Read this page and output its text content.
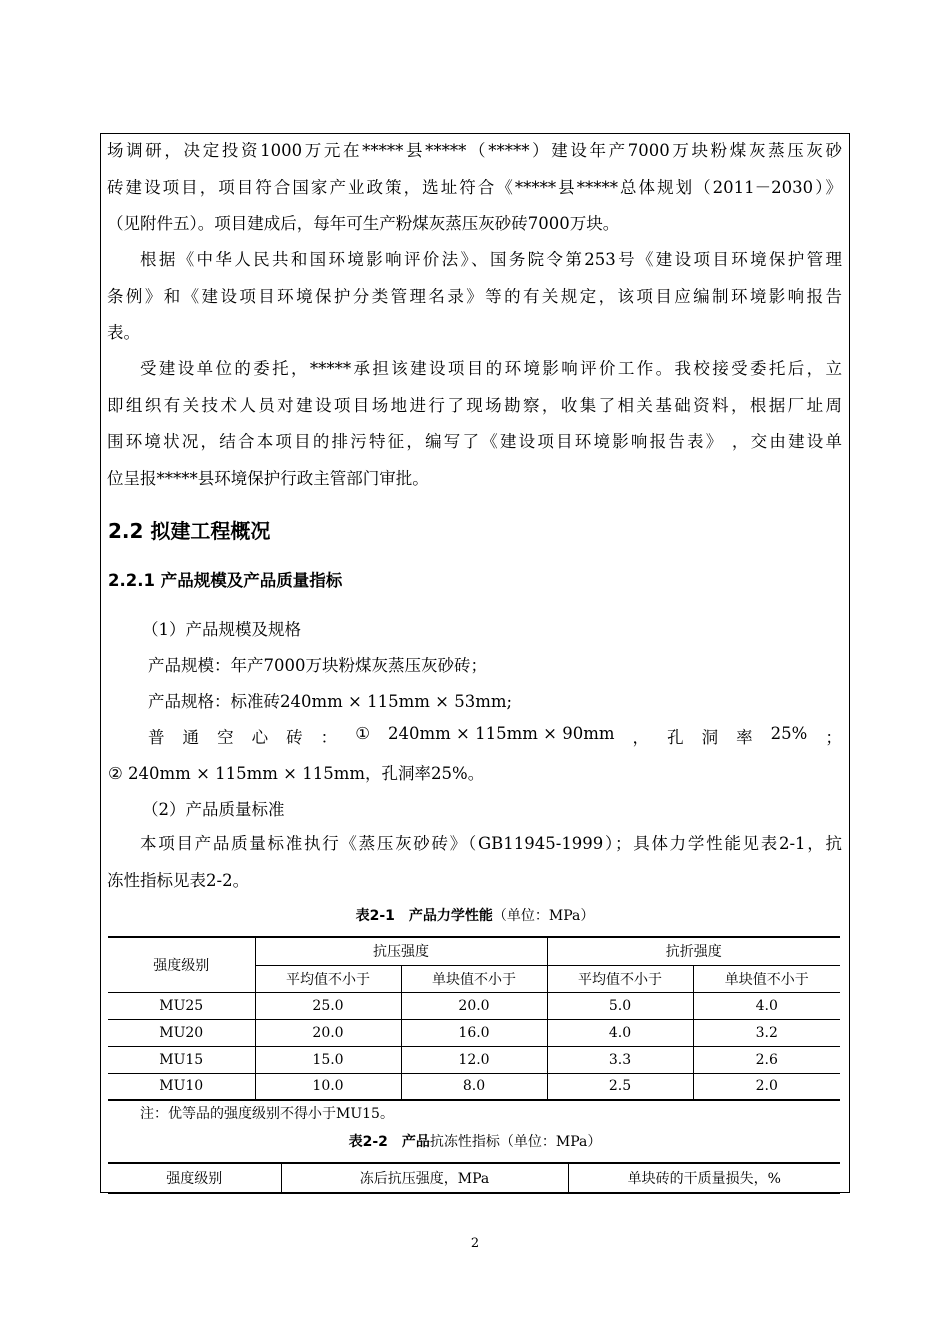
场调研，决定投资1000万元在*****县*****（*****）建设年产7000万块粉煤灰蒸压灰砂
砖建设项目，项目符合国家产业政策，选址符合《*****县*****总体规划（2011－2030）》
（见附件五）。项目建成后，每年可生产粉煤灰蒸压灰砂砖7000万块。
根据《中华人民共和国环境影响评价法》、国务院令第253号《建设项目环境保护管理
条例》和《建设项目环境保护分类管理名录》等的有关规定，该项目应编制环境影响报告
表。
受建设单位的委托，*****承担该建设项目的环境影响评价工作。我校接受委托后，立
即组织有关技术人员对建设项目场地进行了现场勘察，收集了相关基础资料，根据厂址周
围环境状况，结合本项目的排污特征，编写了《建设项目环境影响报告表》 ，交由建设单
位呈报*****县环境保护行政主管部门审批。
2.2 拟建工程概况
2.2.1 产品规模及产品质量指标
（1）产品规模及规格
产品规模：年产7000万块粉煤灰蒸压灰砂砖；
产品规格：标准砖240mm × 115mm × 53mm;
普 通 空 心 砖 ： ① 240mm × 115mm × 90mm ， 孔 洞 率 25% ；
② 240mm × 115mm × 115mm，孔洞率25%。
（2）产品质量标准
本项目产品质量标准执行《蒸压灰砂砖》（GB11945-1999）；具体力学性能见表2-1，抗
冻性指标见表2-2。
表2-1　产品力学性能（单位：MPa）
强度级别	抗压强度		抗折强度	
	平均值不小于	单块值不小于	平均值不小于	单块值不小于
MU25	25.0	20.0	5.0	4.0
MU20	20.0	16.0	4.0	3.2
MU15	15.0	12.0	3.3	2.6
MU10	10.0	8.0	2.5	2.0
注：优等品的强度级别不得小于MU15。
表2-2　产品抗冻性指标（单位：MPa）
强度级别	冻后抗压强度，MPa	单块砖的干质量损失，%
2
